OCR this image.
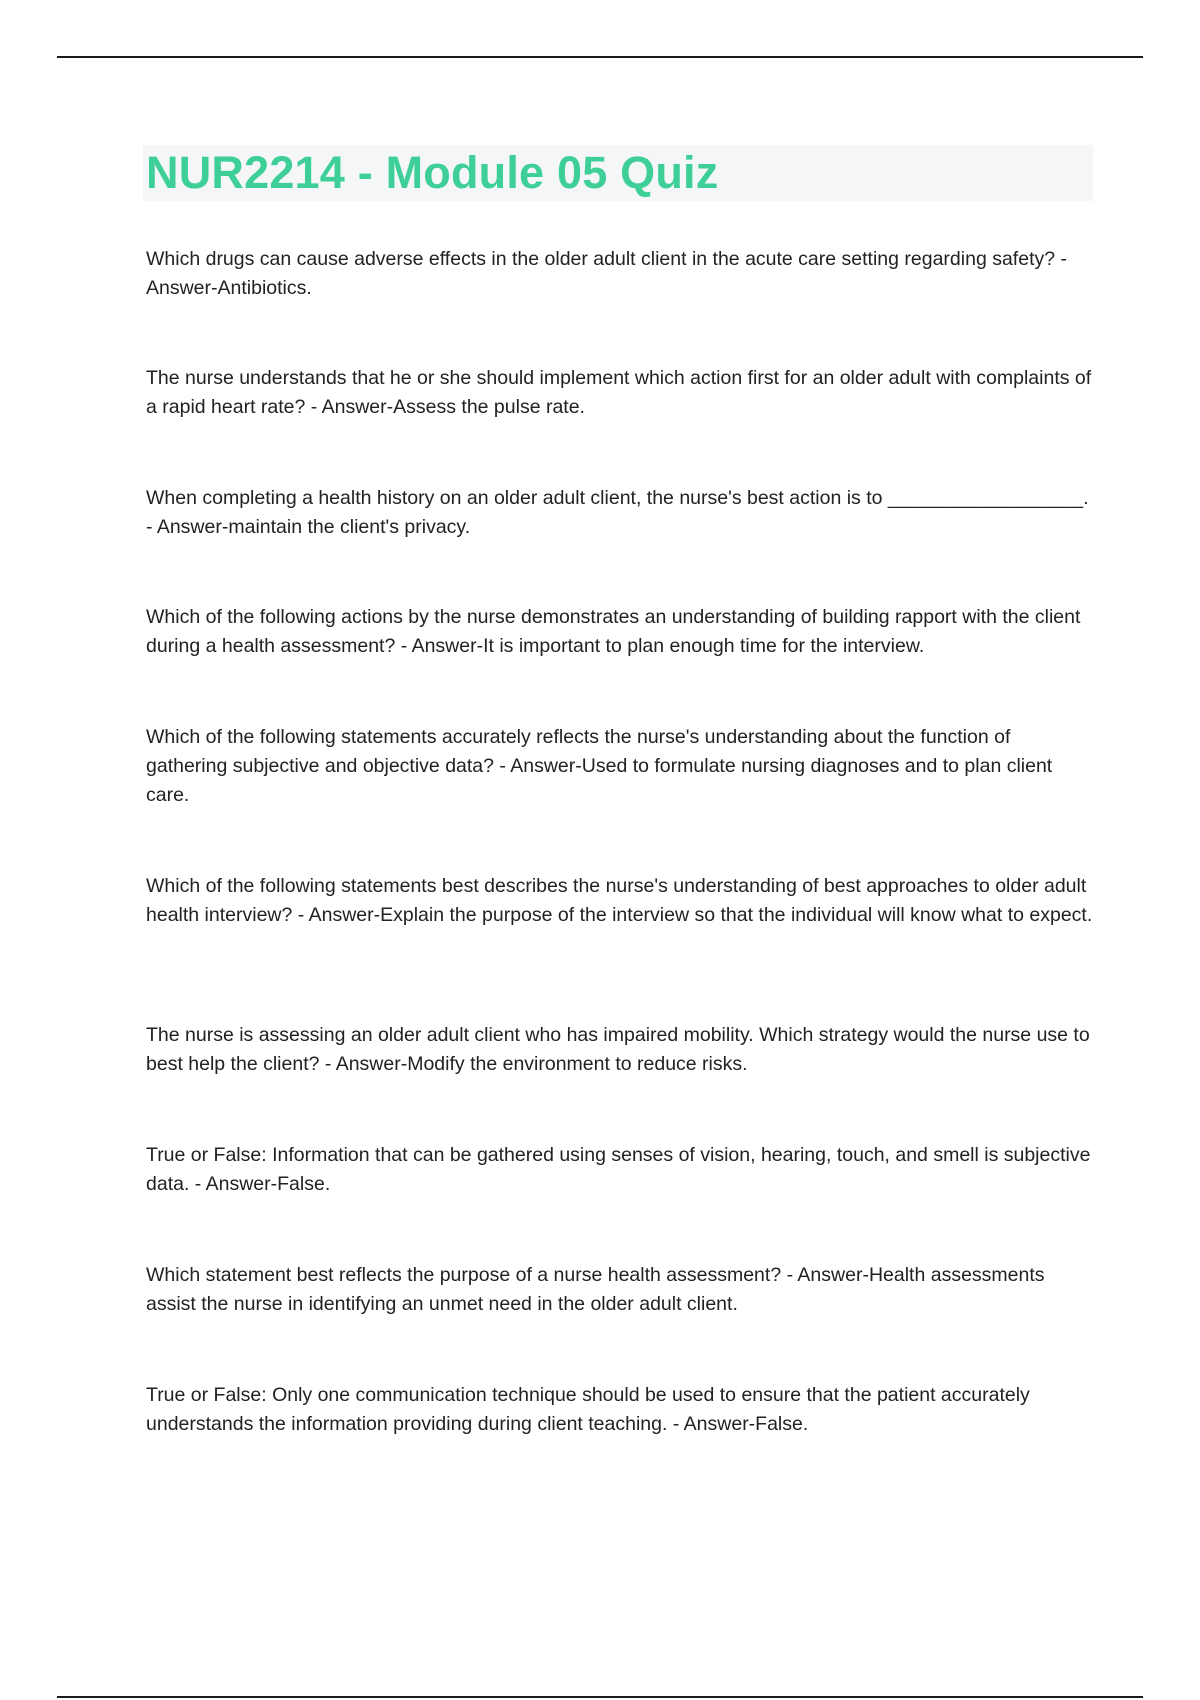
NUR2214 - Module 05 Quiz
Which drugs can cause adverse effects in the older adult client in the acute care setting regarding safety? - Answer-Antibiotics.
The nurse understands that he or she should implement which action first for an older adult with complaints of a rapid heart rate? - Answer-Assess the pulse rate.
When completing a health history on an older adult client, the nurse's best action is to __________________. - Answer-maintain the client's privacy.
Which of the following actions by the nurse demonstrates an understanding of building rapport with the client during a health assessment? - Answer-It is important to plan enough time for the interview.
Which of the following statements accurately reflects the nurse's understanding about the function of gathering subjective and objective data? - Answer-Used to formulate nursing diagnoses and to plan client care.
Which of the following statements best describes the nurse's understanding of best approaches to older adult health interview? - Answer-Explain the purpose of the interview so that the individual will know what to expect.
The nurse is assessing an older adult client who has impaired mobility. Which strategy would the nurse use to best help the client? - Answer-Modify the environment to reduce risks.
True or False: Information that can be gathered using senses of vision, hearing, touch, and smell is subjective data. - Answer-False.
Which statement best reflects the purpose of a nurse health assessment? - Answer-Health assessments assist the nurse in identifying an unmet need in the older adult client.
True or False: Only one communication technique should be used to ensure that the patient accurately understands the information providing during client teaching. - Answer-False.
